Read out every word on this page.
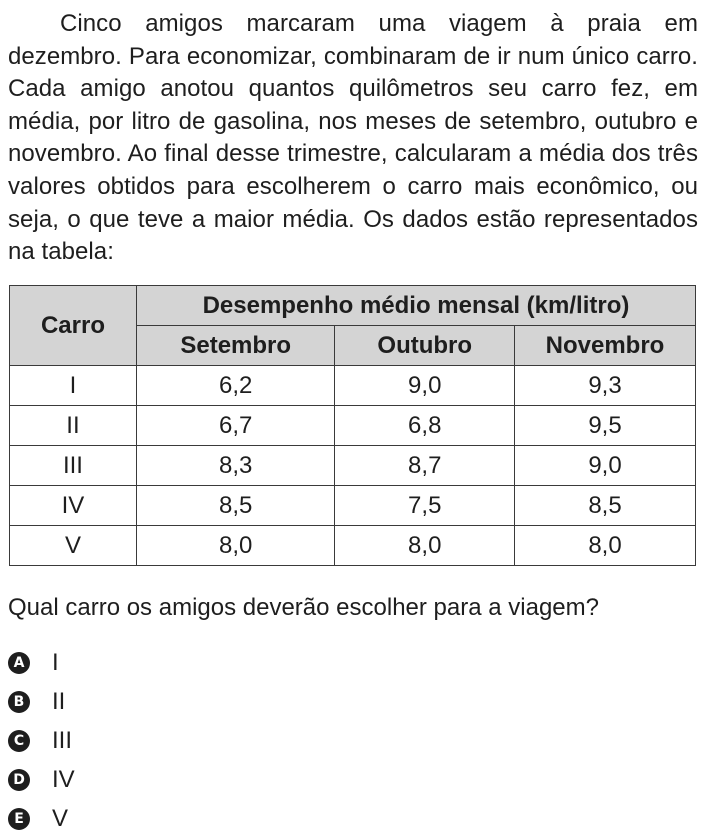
Cinco amigos marcaram uma viagem à praia em dezembro. Para economizar, combinaram de ir num único carro. Cada amigo anotou quantos quilômetros seu carro fez, em média, por litro de gasolina, nos meses de setembro, outubro e novembro. Ao final desse trimestre, calcularam a média dos três valores obtidos para escolherem o carro mais econômico, ou seja, o que teve a maior média. Os dados estão representados na tabela:

Carro	Desempenho médio mensal (km/litro)		
	Setembro	Outubro	Novembro
I	6,2	9,0	9,3
II	6,7	6,8	9,5
III	8,3	8,7	9,0
IV	8,5	7,5	8,5
V	8,0	8,0	8,0

Qual carro os amigos deverão escolher para a viagem?

A I
B II
C III
D IV
E V
